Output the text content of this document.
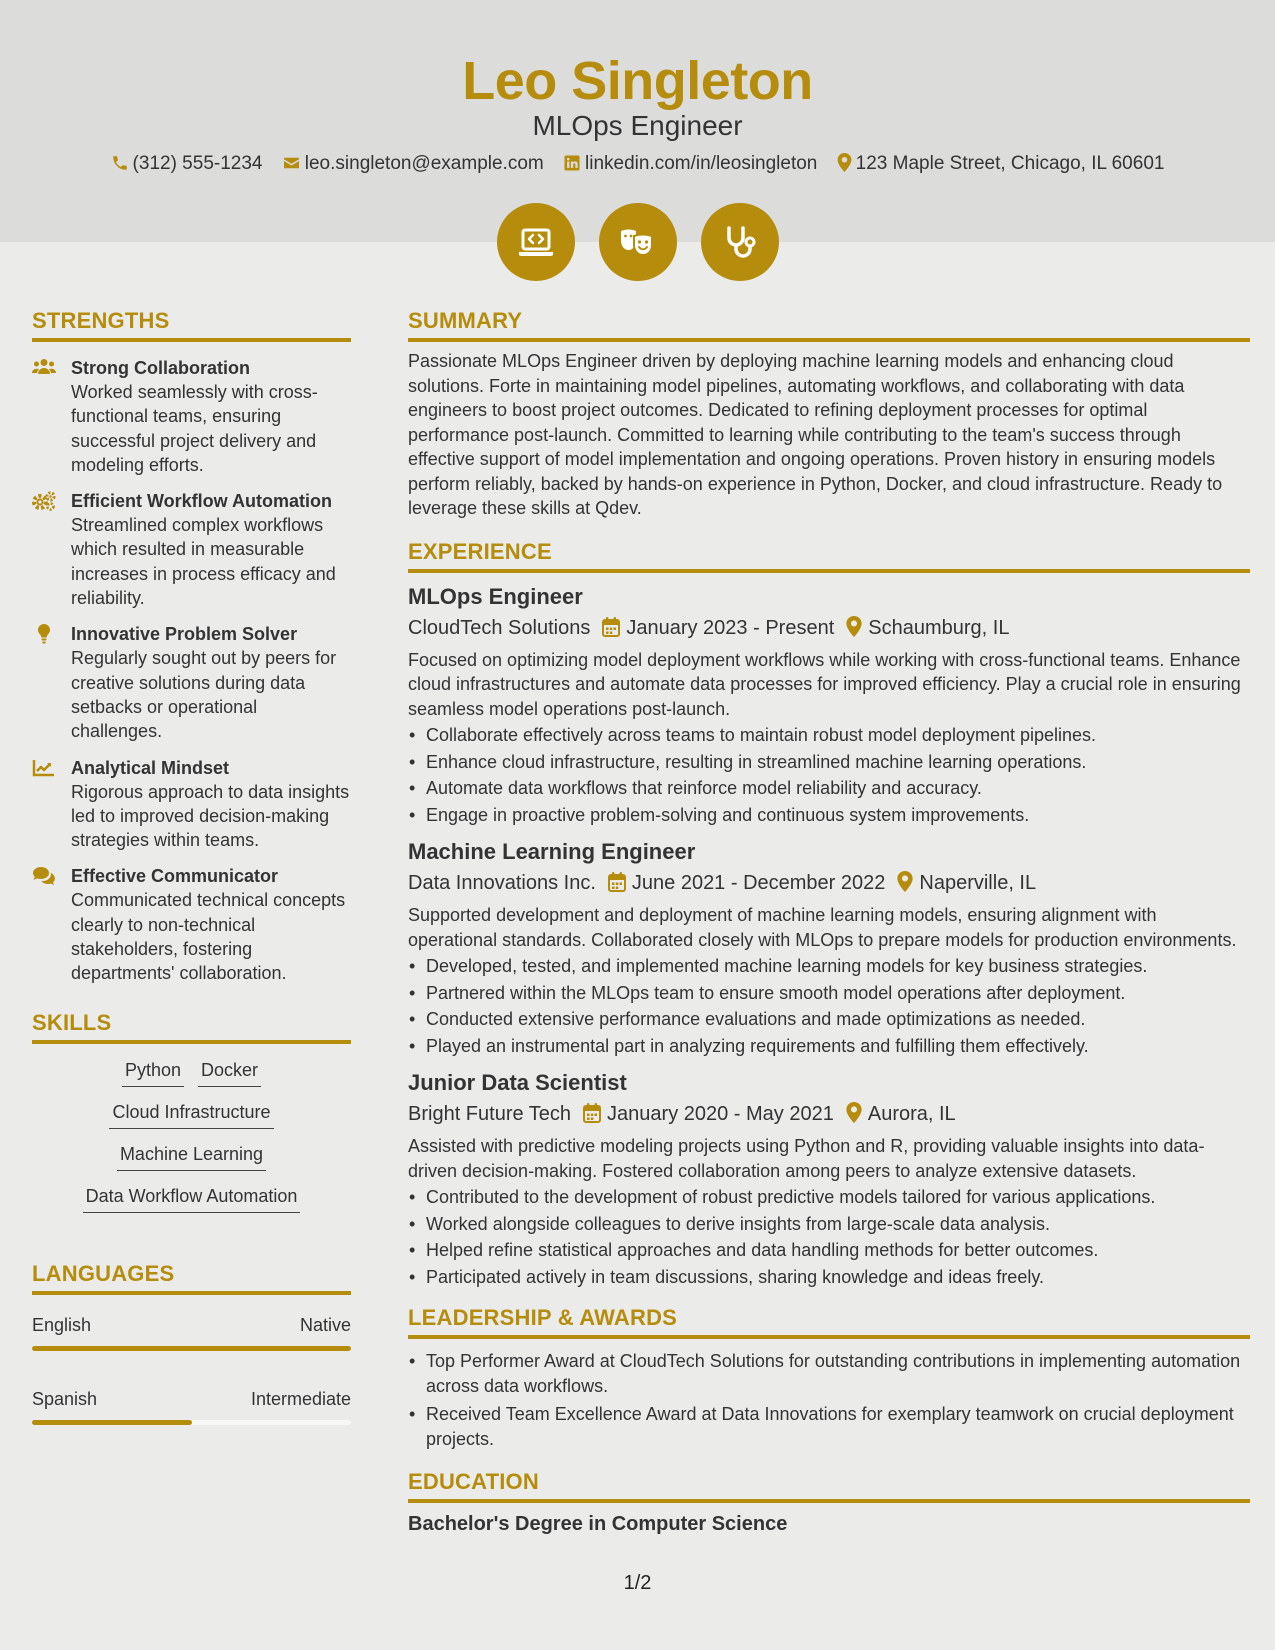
Leo Singleton
MLOps Engineer
(312) 555-1234 leo.singleton@example.com linkedin.com/in/leosingleton 123 Maple Street, Chicago, IL 60601

STRENGTHS
Strong Collaboration
Worked seamlessly with cross-functional teams, ensuring successful project delivery and modeling efforts.
Efficient Workflow Automation
Streamlined complex workflows which resulted in measurable increases in process efficacy and reliability.
Innovative Problem Solver
Regularly sought out by peers for creative solutions during data setbacks or operational challenges.
Analytical Mindset
Rigorous approach to data insights led to improved decision-making strategies within teams.
Effective Communicator
Communicated technical concepts clearly to non-technical stakeholders, fostering departments' collaboration.
SKILLS
Python Docker
Cloud Infrastructure
Machine Learning
Data Workflow Automation
LANGUAGES
English	Native
Spanish	Intermediate
SUMMARY
Passionate MLOps Engineer driven by deploying machine learning models and enhancing cloud solutions. Forte in maintaining model pipelines, automating workflows, and collaborating with data engineers to boost project outcomes. Dedicated to refining deployment processes for optimal performance post-launch. Committed to learning while contributing to the team's success through effective support of model implementation and ongoing operations. Proven history in ensuring models perform reliably, backed by hands-on experience in Python, Docker, and cloud infrastructure. Ready to leverage these skills at Qdev.
EXPERIENCE
MLOps Engineer
CloudTech Solutions January 2023 - Present Schaumburg, IL
Focused on optimizing model deployment workflows while working with cross-functional teams. Enhance cloud infrastructures and automate data processes for improved efficiency. Play a crucial role in ensuring seamless model operations post-launch.
• Collaborate effectively across teams to maintain robust model deployment pipelines.
• Enhance cloud infrastructure, resulting in streamlined machine learning operations.
• Automate data workflows that reinforce model reliability and accuracy.
• Engage in proactive problem-solving and continuous system improvements.
Machine Learning Engineer
Data Innovations Inc. June 2021 - December 2022 Naperville, IL
Supported development and deployment of machine learning models, ensuring alignment with operational standards. Collaborated closely with MLOps to prepare models for production environments.
• Developed, tested, and implemented machine learning models for key business strategies.
• Partnered within the MLOps team to ensure smooth model operations after deployment.
• Conducted extensive performance evaluations and made optimizations as needed.
• Played an instrumental part in analyzing requirements and fulfilling them effectively.
Junior Data Scientist
Bright Future Tech January 2020 - May 2021 Aurora, IL
Assisted with predictive modeling projects using Python and R, providing valuable insights into data-driven decision-making. Fostered collaboration among peers to analyze extensive datasets.
• Contributed to the development of robust predictive models tailored for various applications.
• Worked alongside colleagues to derive insights from large-scale data analysis.
• Helped refine statistical approaches and data handling methods for better outcomes.
• Participated actively in team discussions, sharing knowledge and ideas freely.
LEADERSHIP & AWARDS
• Top Performer Award at CloudTech Solutions for outstanding contributions in implementing automation across data workflows.
• Received Team Excellence Award at Data Innovations for exemplary teamwork on crucial deployment projects.
EDUCATION
Bachelor's Degree in Computer Science
1/2
